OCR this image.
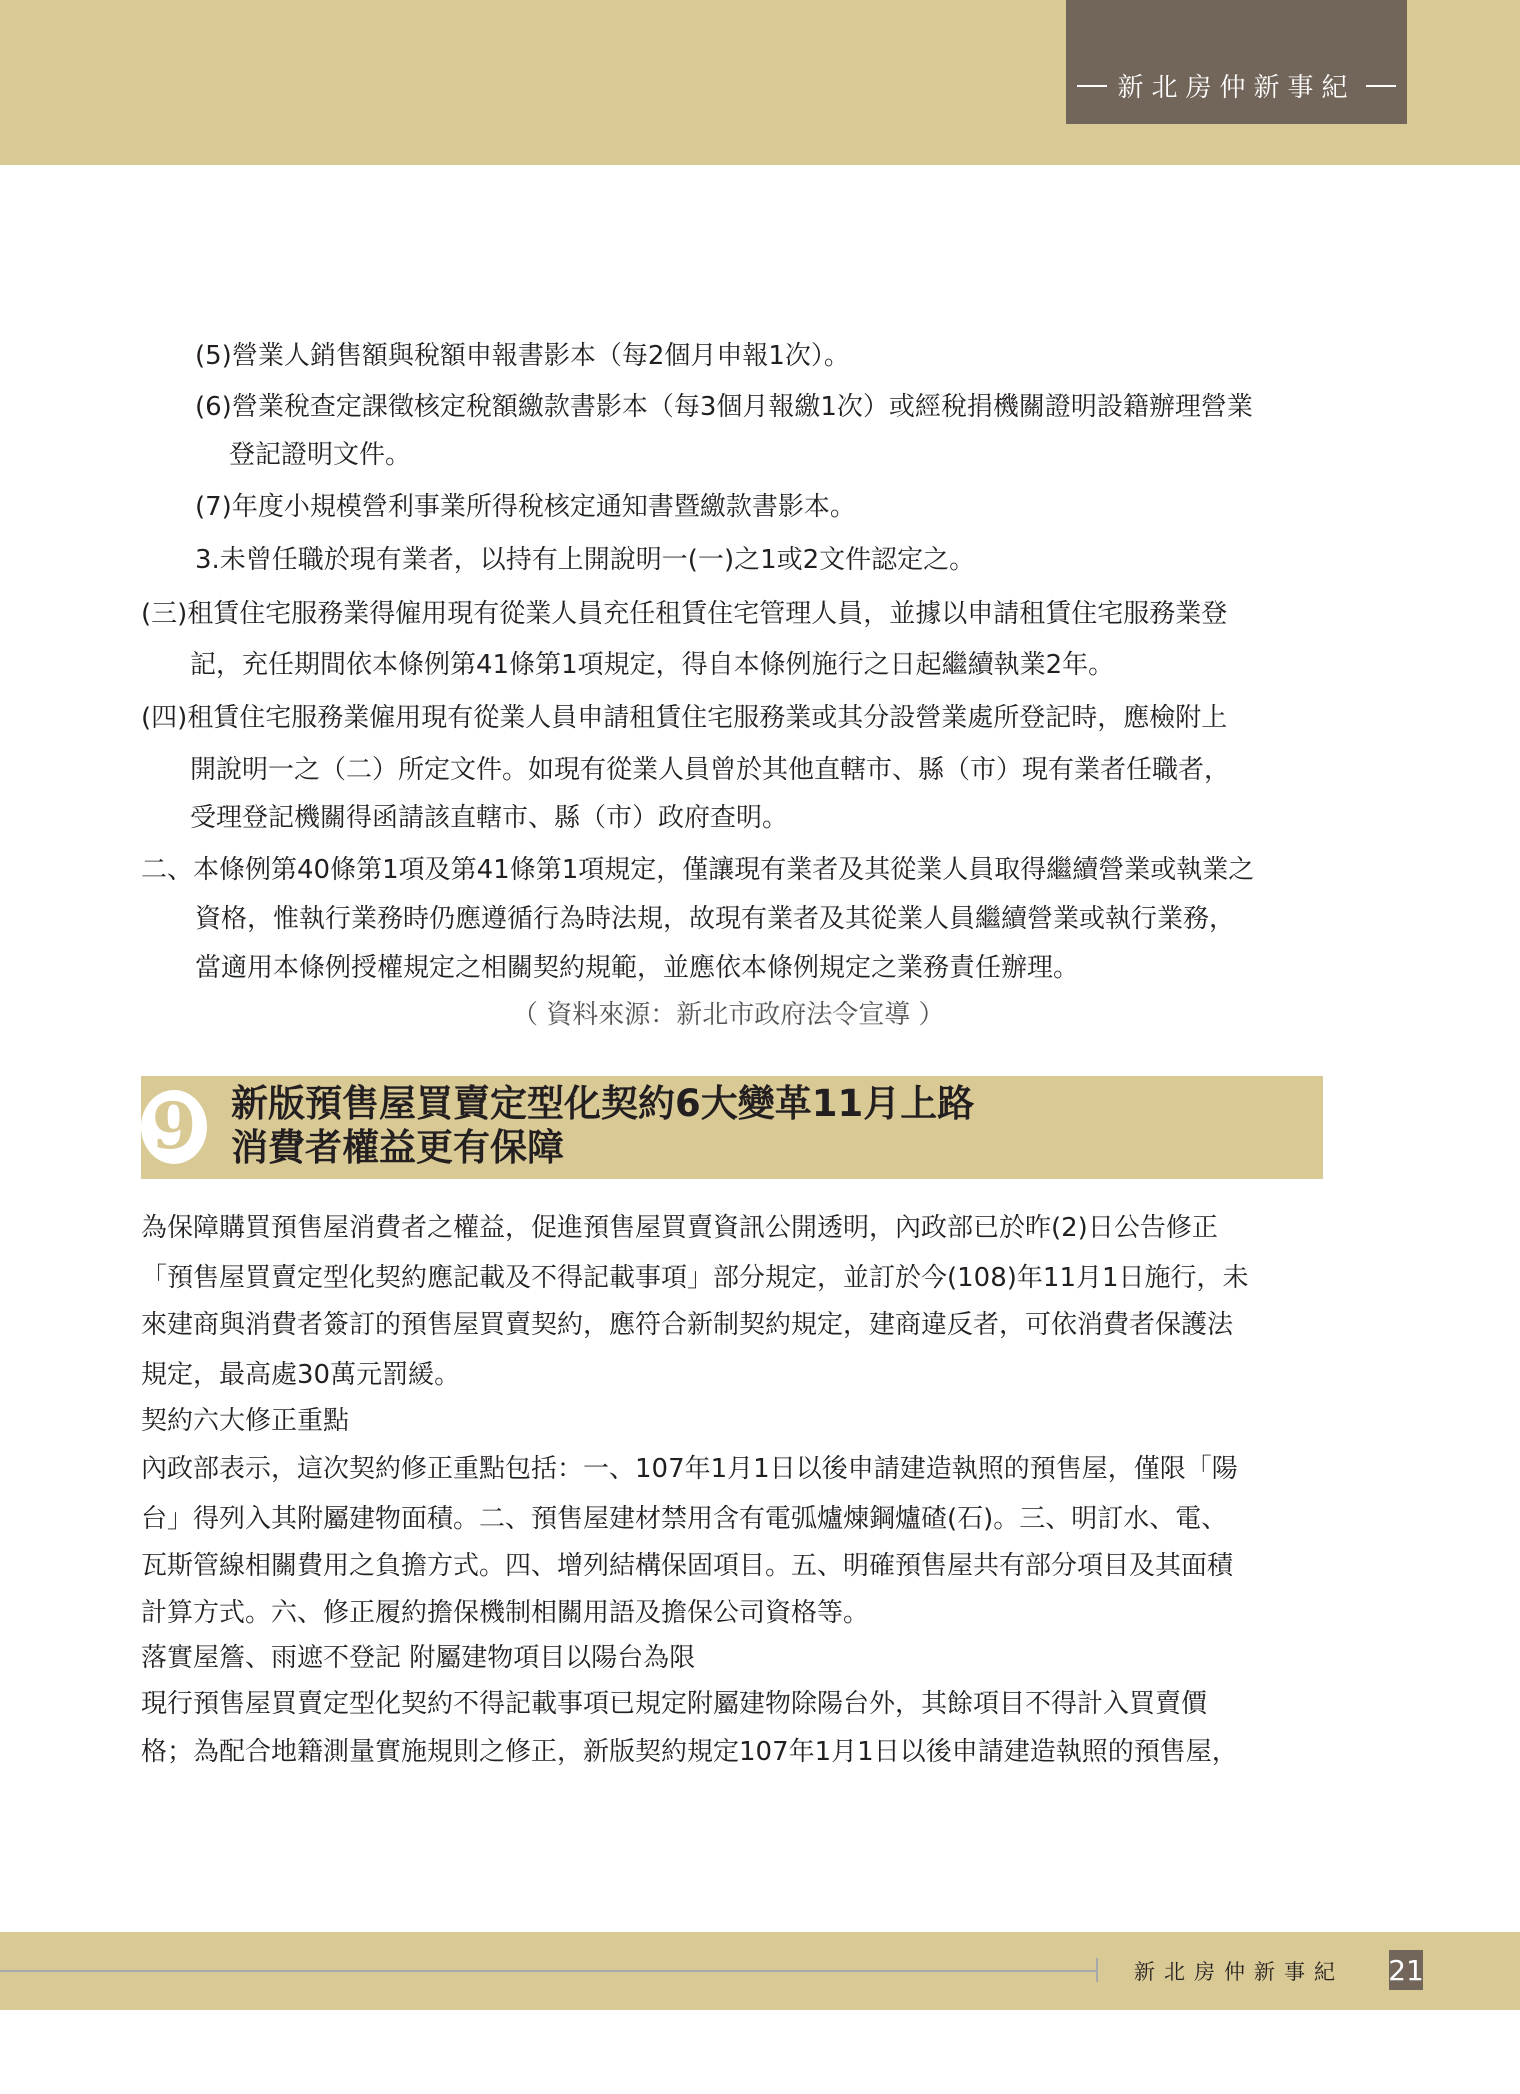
新北房仲新事紀
(5)營業人銷售額與稅額申報書影本（每2個月申報1次）。
(6)營業稅查定課徵核定稅額繳款書影本（每3個月報繳1次）或經稅捐機關證明設籍辦理營業
登記證明文件。
(7)年度小規模營利事業所得稅核定通知書暨繳款書影本。
3.未曾任職於現有業者，以持有上開說明一(一)之1或2文件認定之。
(三)租賃住宅服務業得僱用現有從業人員充任租賃住宅管理人員，並據以申請租賃住宅服務業登
記，充任期間依本條例第41條第1項規定，得自本條例施行之日起繼續執業2年。
(四)租賃住宅服務業僱用現有從業人員申請租賃住宅服務業或其分設營業處所登記時，應檢附上
開說明一之（二）所定文件。如現有從業人員曾於其他直轄市、縣（市）現有業者任職者，
受理登記機關得函請該直轄市、縣（市）政府查明。
二、本條例第40條第1項及第41條第1項規定，僅讓現有業者及其從業人員取得繼續營業或執業之
資格，惟執行業務時仍應遵循行為時法規，故現有業者及其從業人員繼續營業或執行業務，
當適用本條例授權規定之相關契約規範，並應依本條例規定之業務責任辦理。
（ 資料來源：新北市政府法令宣導 ）
9 新版預售屋買賣定型化契約6大變革11月上路
消費者權益更有保障
為保障購買預售屋消費者之權益，促進預售屋買賣資訊公開透明，內政部已於昨(2)日公告修正
「預售屋買賣定型化契約應記載及不得記載事項」部分規定，並訂於今(108)年11月1日施行，未
來建商與消費者簽訂的預售屋買賣契約，應符合新制契約規定，建商違反者，可依消費者保護法
規定，最高處30萬元罰緩。
契約六大修正重點
內政部表示，這次契約修正重點包括：一、107年1月1日以後申請建造執照的預售屋，僅限「陽
台」得列入其附屬建物面積。二、預售屋建材禁用含有電弧爐煉鋼爐碴(石)。三、明訂水、電、
瓦斯管線相關費用之負擔方式。四、增列結構保固項目。五、明確預售屋共有部分項目及其面積
計算方式。六、修正履約擔保機制相關用語及擔保公司資格等。
落實屋簷、雨遮不登記 附屬建物項目以陽台為限
現行預售屋買賣定型化契約不得記載事項已規定附屬建物除陽台外，其餘項目不得計入買賣價
格；為配合地籍測量實施規則之修正，新版契約規定107年1月1日以後申請建造執照的預售屋，
新北房仲新事紀 21
